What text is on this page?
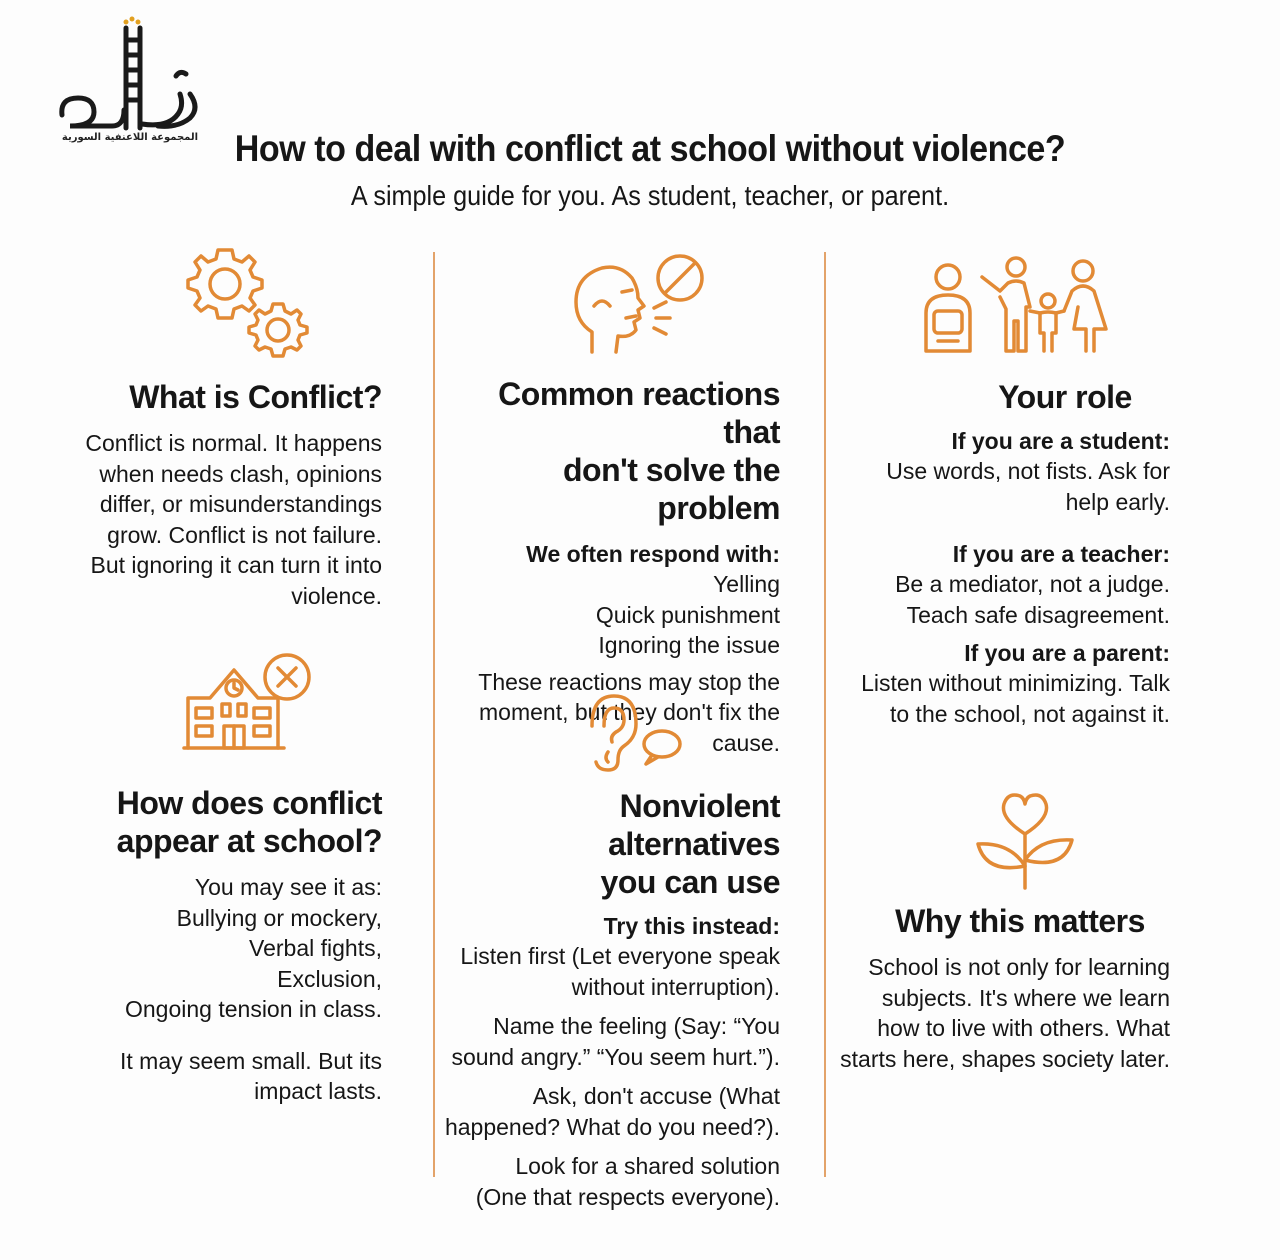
المجموعة اللاعنفية السورية How to deal with conflict at school without violence?
A simple guide for you. As student, teacher, or parent.
What is Conflict?
Conflict is normal. It happens
when needs clash, opinions
differ, or misunderstandings
grow. Conflict is not failure.
But ignoring it can turn it into
violence.
How does conflict
appear at school?
You may see it as:
Bullying or mockery,
Verbal fights,
Exclusion,
Ongoing tension in class.
It may seem small. But its
impact lasts.
Common reactions that
don't solve the problem
We often respond with:
Yelling
Quick punishment
Ignoring the issue
These reactions may stop the
moment, but they don't fix the
cause.
Nonviolent alternatives
you can use
Try this instead:
Listen first (Let everyone speak
without interruption).
Name the feeling (Say: “You
sound angry.” “You seem hurt.”).
Ask, don't accuse (What
happened? What do you need?).
Look for a shared solution
(One that respects everyone).
Your role
If you are a student:
Use words, not fists. Ask for
help early.
If you are a teacher:
Be a mediator, not a judge.
Teach safe disagreement.
If you are a parent:
Listen without minimizing. Talk
to the school, not against it.
Why this matters
School is not only for learning
subjects. It's where we learn
how to live with others. What
starts here, shapes society later.
